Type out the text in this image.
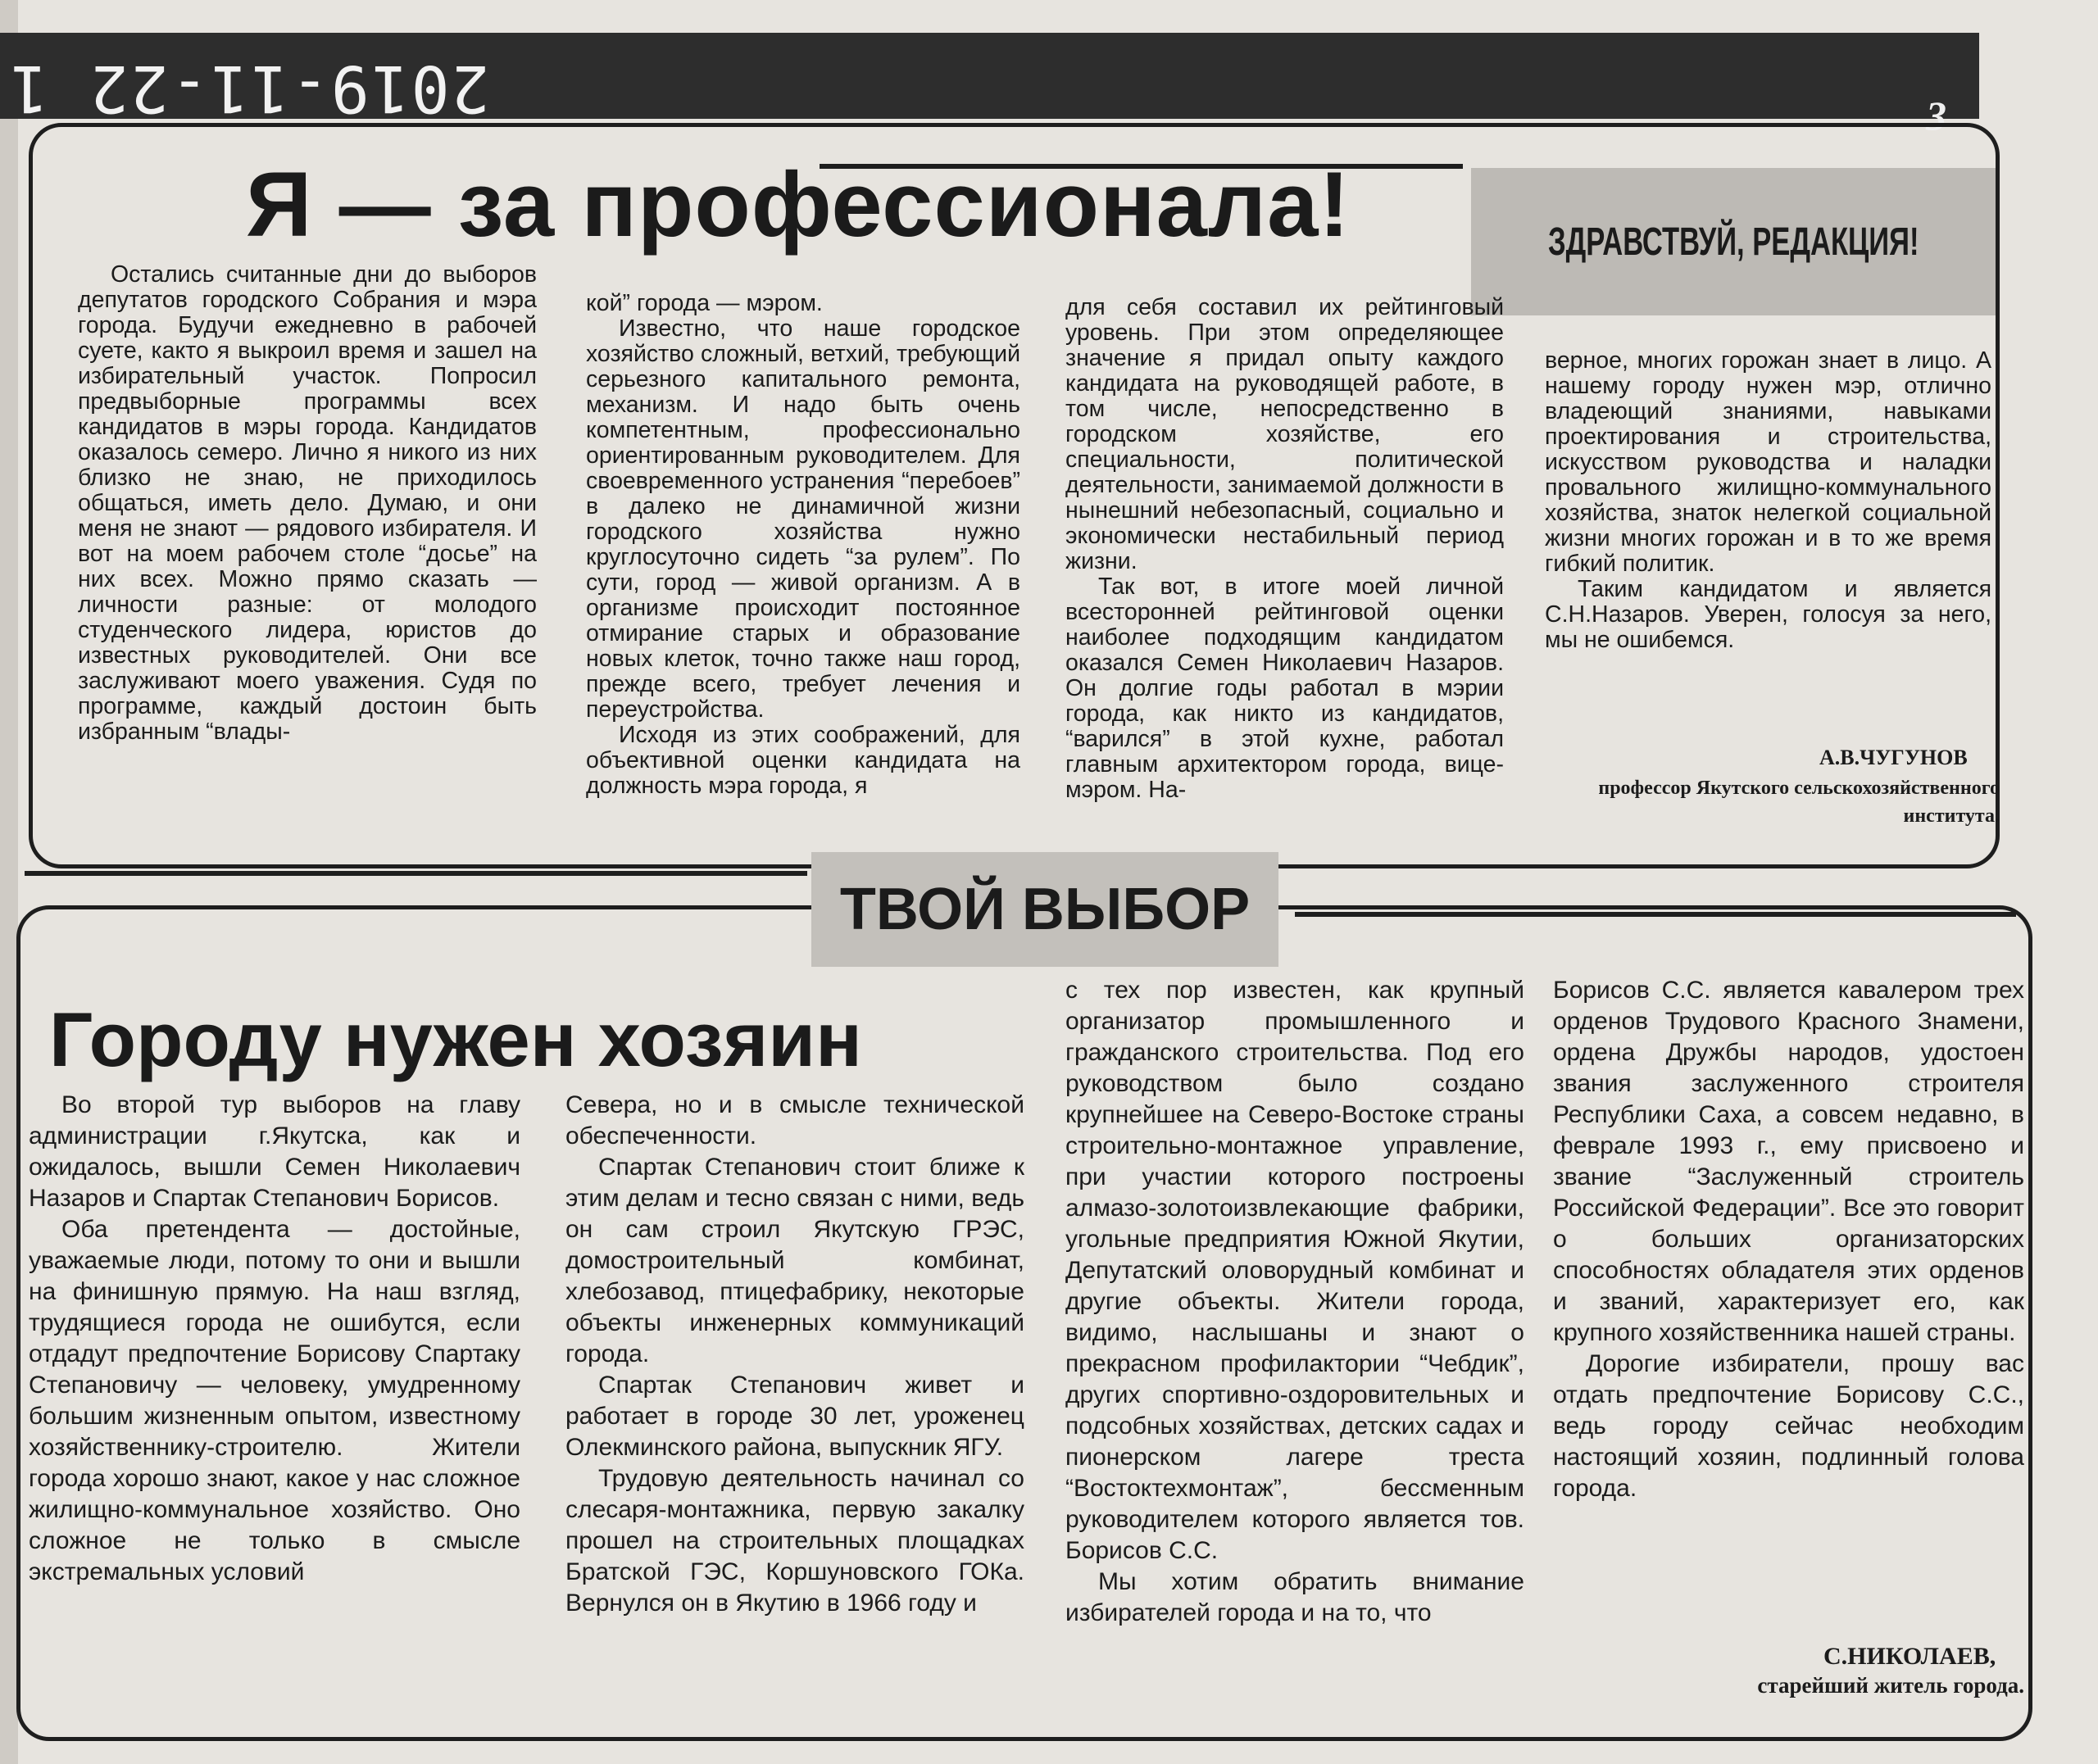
2019-11-22 1	3
Я — за профессионала!	ЗДРАВСТВУЙ, РЕДАКЦИЯ!

Остались считанные дни до выборов депутатов городского Собрания и мэра города. Будучи ежедневно в рабочей суете, както я выкроил время и зашел на избирательный участок. Попросил предвыборные программы всех кандидатов в мэры города. Кандидатов оказалось семеро. Лично я никого из них близко не знаю, не приходилось общаться, иметь дело. Думаю, и они меня не знают — рядового избирателя. И вот на моем рабочем столе “досье” на них всех. Можно прямо сказать — личности разные: от молодого студенческого лидера, юристов до известных руководителей. Они все заслуживают моего уважения. Судя по программе, каждый достоин быть избранным “влады-

кой” города — мэром.

Известно, что наше городское хозяйство сложный, ветхий, требующий серьезного капитального ремонта, механизм. И надо быть очень компетентным, профессионально ориентированным руководителем. Для своевременного устранения “перебоев” в далеко не динамичной жизни городского хозяйства нужно круглосуточно сидеть “за рулем”. По сути, город — живой организм. А в организме происходит постоянное отмирание старых и образование новых клеток, точно также наш город, прежде всего, требует лечения и переустройства.

Исходя из этих соображений, для объективной оценки кандидата на должность мэра города, я

для себя составил их рейтинговый уровень. При этом определяющее значение я придал опыту каждого кандидата на руководящей работе, в том числе, непосредственно в городском хозяйстве, его специальности, политической деятельности, занимаемой должности в нынешний небезопасный, социально и экономически нестабильный период жизни.

Так вот, в итоге моей личной всесторонней рейтинговой оценки наиболее подходящим кандидатом оказался Семен Николаевич Назаров. Он долгие годы работал в мэрии города, как никто из кандидатов, “варился” в этой кухне, работал главным архитектором города, вице-мэром. На-

верное, многих горожан знает в лицо. А нашему городу нужен мэр, отлично владеющий знаниями, навыками проектирования и строительства, искусством руководства и наладки провального жилищно-коммунального хозяйства, знаток нелегкой социальной жизни многих горожан и в то же время гибкий политик.

Таким кандидатом и является С.Н.Назаров. Уверен, голосуя за него, мы не ошибемся.

А.В.ЧУГУНОВ
профессор Якутского сельскохозяйственного института.
ТВОЙ ВЫБОР
Городу нужен хозяин

Во второй тур выборов на главу администрации г.Якутска, как и ожидалось, вышли Семен Николаевич Назаров и Спартак Степанович Борисов.

Оба претендента — достойные, уважаемые люди, потому то они и вышли на финишную прямую. На наш взгляд, трудящиеся города не ошибутся, если отдадут предпочтение Борисову Спартаку Степановичу — человеку, умудренному большим жизненным опытом, известному хозяйственнику-строителю. Жители города хорошо знают, какое у нас сложное жилищно-коммунальное хозяйство. Оно сложное не только в смысле экстремальных условий

Севера, но и в смысле технической обеспеченности.

Спартак Степанович стоит ближе к этим делам и тесно связан с ними, ведь он сам строил Якутскую ГРЭС, домостроительный комбинат, хлебозавод, птицефабрику, некоторые объекты инженерных коммуникаций города.

Спартак Степанович живет и работает в городе 30 лет, уроженец Олекминского района, выпускник ЯГУ.

Трудовую деятельность начинал со слесаря-монтажника, первую закалку прошел на строительных площадках Братской ГЭС, Коршуновского ГОКа. Вернулся он в Якутию в 1966 году и

с тех пор известен, как крупный организатор промышленного и гражданского строительства. Под его руководством было создано крупнейшее на Северо-Востоке страны строительно-монтажное управление, при участии которого построены алмазо-золотоизвлекающие фабрики, угольные предприятия Южной Якутии, Депутатский оловорудный комбинат и другие объекты. Жители города, видимо, наслышаны и знают о прекрасном профилактории “Чебдик”, других спортивно-оздоровительных и подсобных хозяйствах, детских садах и пионерском лагере треста “Востоктехмонтаж”, бессменным руководителем которого является тов. Борисов С.С.

Мы хотим обратить внимание избирателей города и на то, что

Борисов С.С. является кавалером трех орденов Трудового Красного Знамени, ордена Дружбы народов, удостоен звания заслуженного строителя Республики Саха, а совсем недавно, в феврале 1993 г., ему присвоено и звание “Заслуженный строитель Российской Федерации”. Все это говорит о больших организаторских способностях обладателя этих орденов и званий, характеризует его, как крупного хозяйственника нашей страны.

Дорогие избиратели, прошу вас отдать предпочтение Борисову С.С., ведь городу сейчас необходим настоящий хозяин, подлинный голова города.

С.НИКОЛАЕВ,
старейший житель города.
